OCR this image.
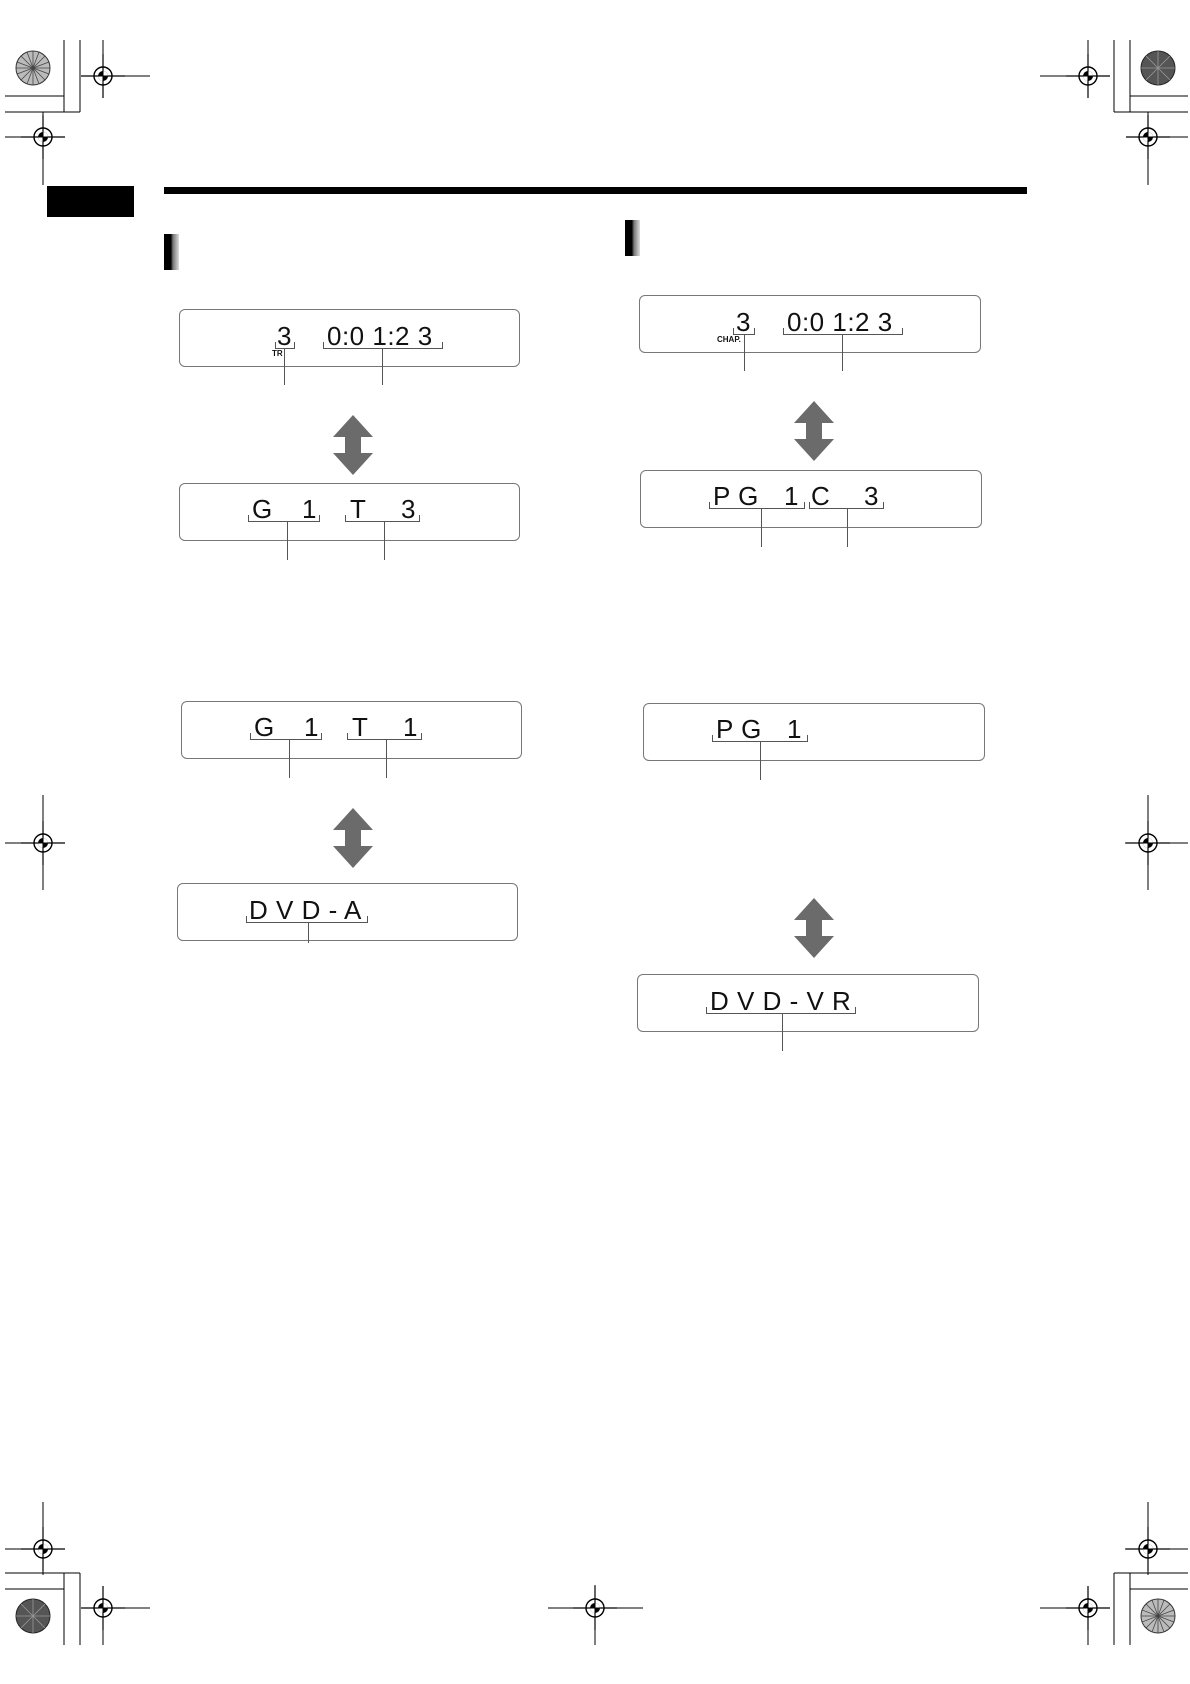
3
TR
0:0 1:2 3
G 1 T 3
G 1 T 1
D V D - A
3
CHAP.
0:0 1:2 3
P G 1 C 3
P G 1
D V D - V R
